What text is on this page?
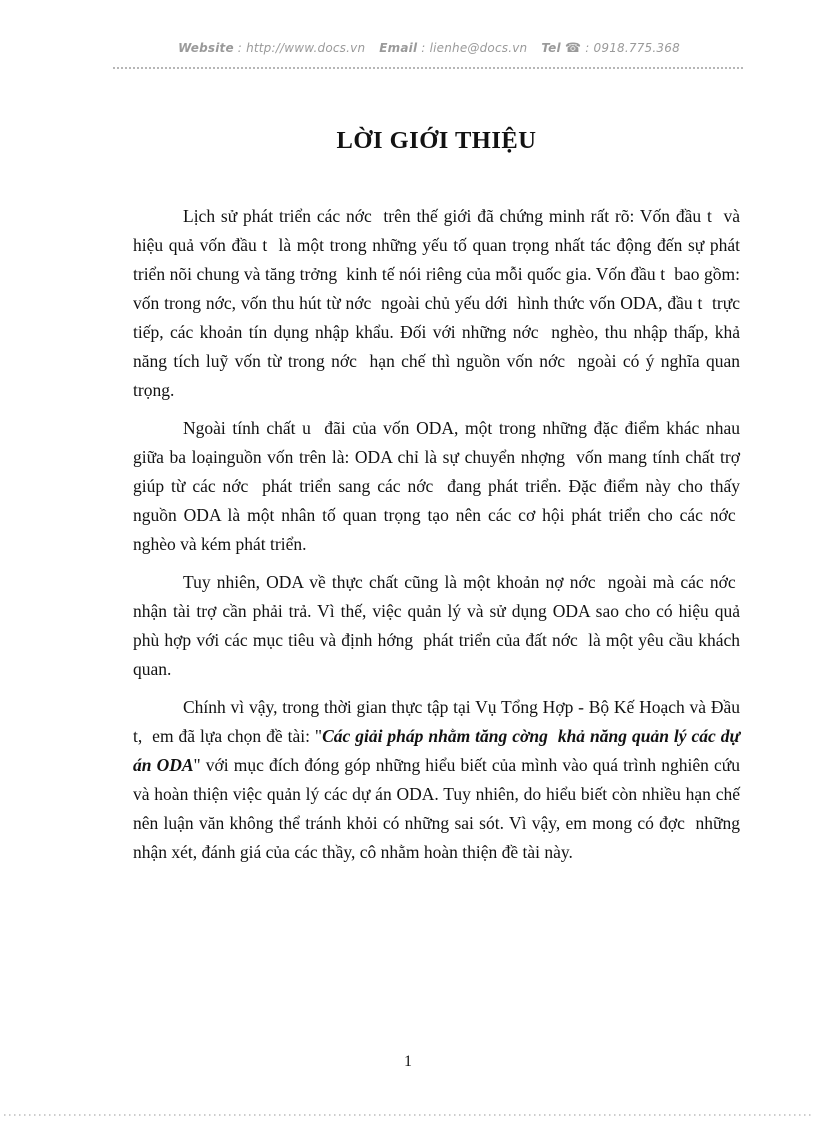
Website : http://www.docs.vn Email : lienhe@docs.vn Tel ☎ : 0918.775.368
LỜI GIỚI THIỆU

Lịch sử phát triển các nớc  trên thế giới đã chứng minh rất rõ: Vốn đầu t  và hiệu quả vốn đầu t  là một trong những yếu tố quan trọng nhất tác động đến sự phát triển nõi chung và tăng trởng  kinh tế nói riêng của mỗi quốc gia. Vốn đầu t  bao gồm: vốn trong nớc, vốn thu hút từ nớc  ngoài chủ yếu dới  hình thức vốn ODA, đầu t  trực tiếp, các khoản tín dụng nhập khẩu. Đối với những nớc  nghèo, thu nhập thấp, khả năng tích luỹ vốn từ trong nớc  hạn chế thì nguồn vốn nớc  ngoài có ý nghĩa quan trọng.

Ngoài tính chất u  đãi của vốn ODA, một trong những đặc điểm khác nhau giữa ba loạinguồn vốn trên là: ODA chỉ là sự chuyển nhợng  vốn mang tính chất trợ giúp từ các nớc  phát triển sang các nớc  đang phát triển. Đặc điểm này cho thấy nguồn ODA là một nhân tố quan trọng tạo nên các cơ hội phát triển cho các nớc  nghèo và kém phát triển.

Tuy nhiên, ODA về thực chất cũng là một khoản nợ nớc  ngoài mà các nớc  nhận tài trợ cần phải trả. Vì thế, việc quản lý và sử dụng ODA sao cho có hiệu quả phù hợp với các mục tiêu và định hớng  phát triển của đất nớc  là một yêu cầu khách quan.

Chính vì vậy, trong thời gian thực tập tại Vụ Tổng Hợp - Bộ Kế Hoạch và Đầu t,  em đã lựa chọn đề tài: "Các giải pháp nhằm tăng cờng  khả năng quản lý các dự án ODA" với mục đích đóng góp những hiểu biết của mình vào quá trình nghiên cứu và hoàn thiện việc quản lý các dự án ODA. Tuy nhiên, do hiểu biết còn nhiều hạn chế nên luận văn không thể tránh khỏi có những sai sót. Vì vậy, em mong có đợc  những nhận xét, đánh giá của các thầy, cô nhằm hoàn thiện đề tài này.

1
